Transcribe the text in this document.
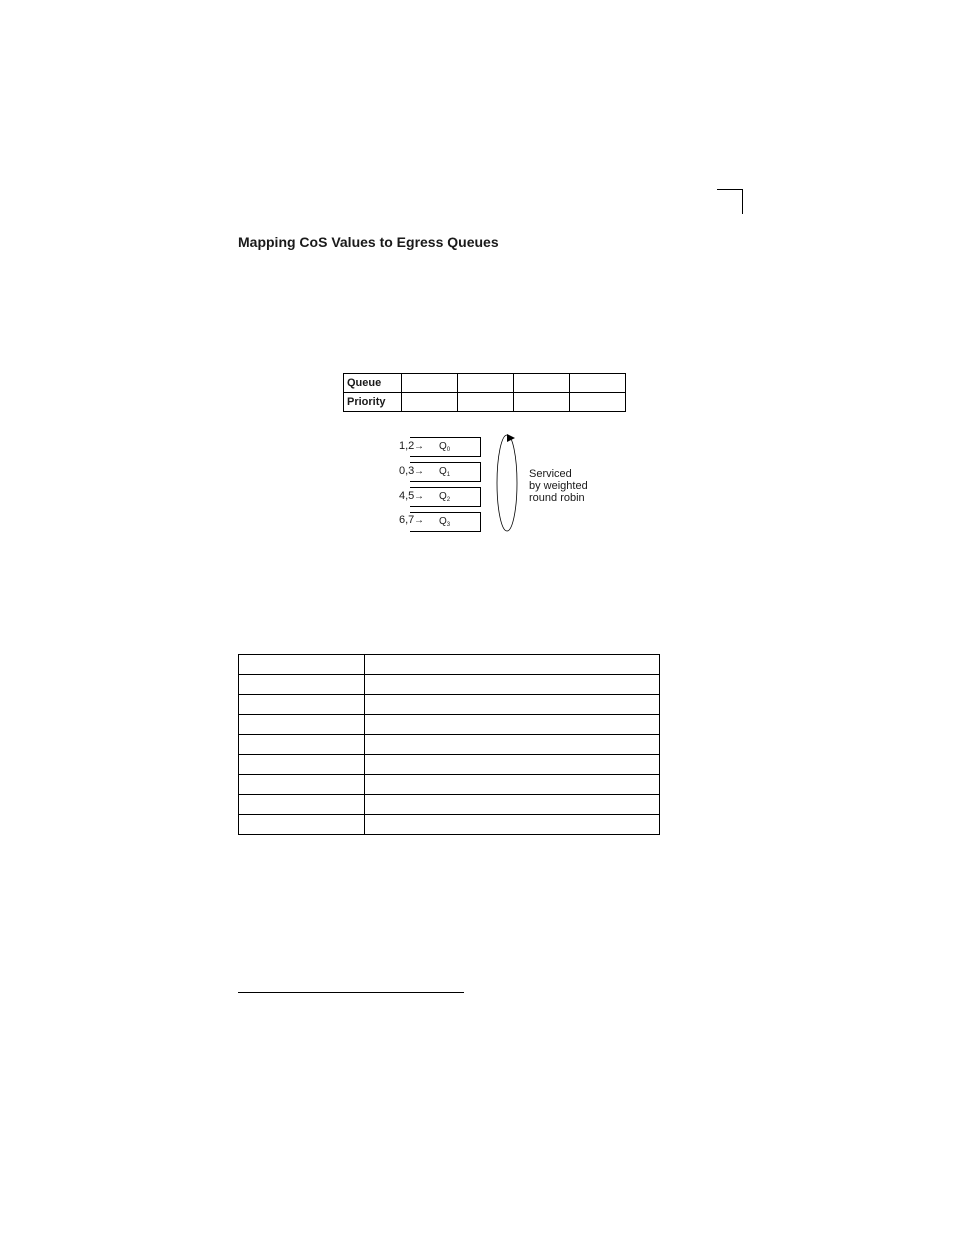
Mapping CoS Values to Egress Queues
Queue				
Priority				
$1,2 \to Q_0$
$0,3 \to Q_1$
$4,5 \to Q_2$
$6,7 \to Q_3$
Serviced
by weighted
round robin
